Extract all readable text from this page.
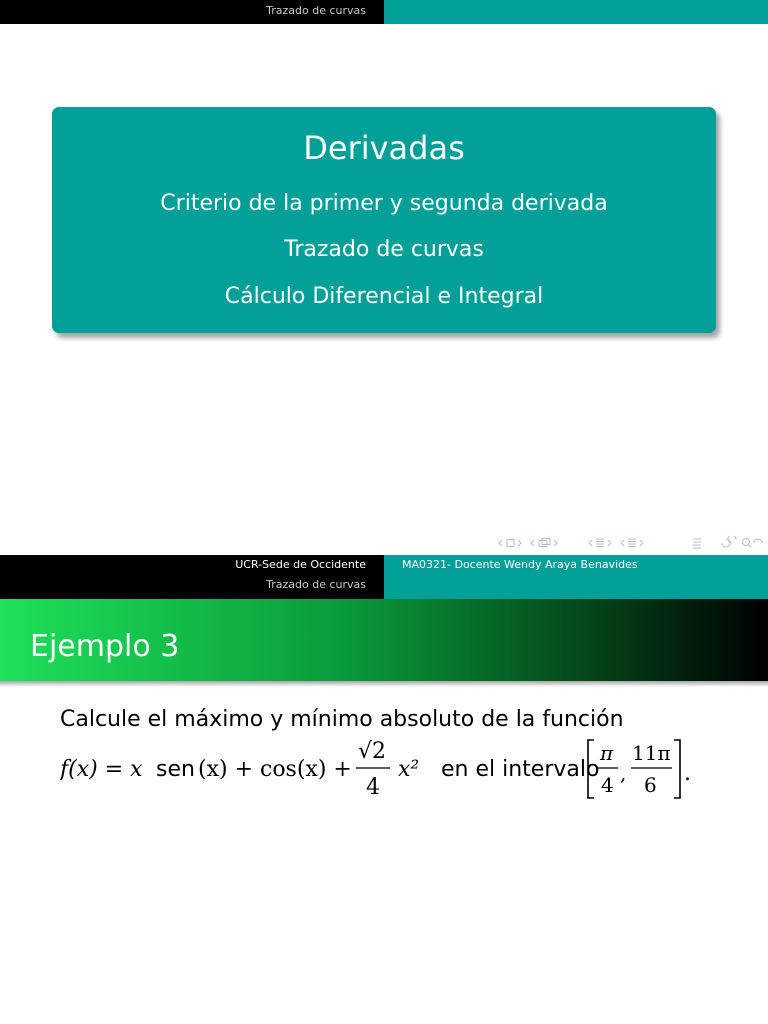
Trazado de curvas
Derivadas
Criterio de la primer y segunda derivada
Trazado de curvas
Cálculo Diferencial e Integral
UCR-Sede de Occidente
Trazado de curvas
MA0321- Docente Wendy Araya Benavides
Ejemplo 3
Calcule el máximo y mínimo absoluto de la función
f(x) = x sen (x) + cos(x) +
√2
4
x² en el intervalo
π
4 ,
11π
6 .
